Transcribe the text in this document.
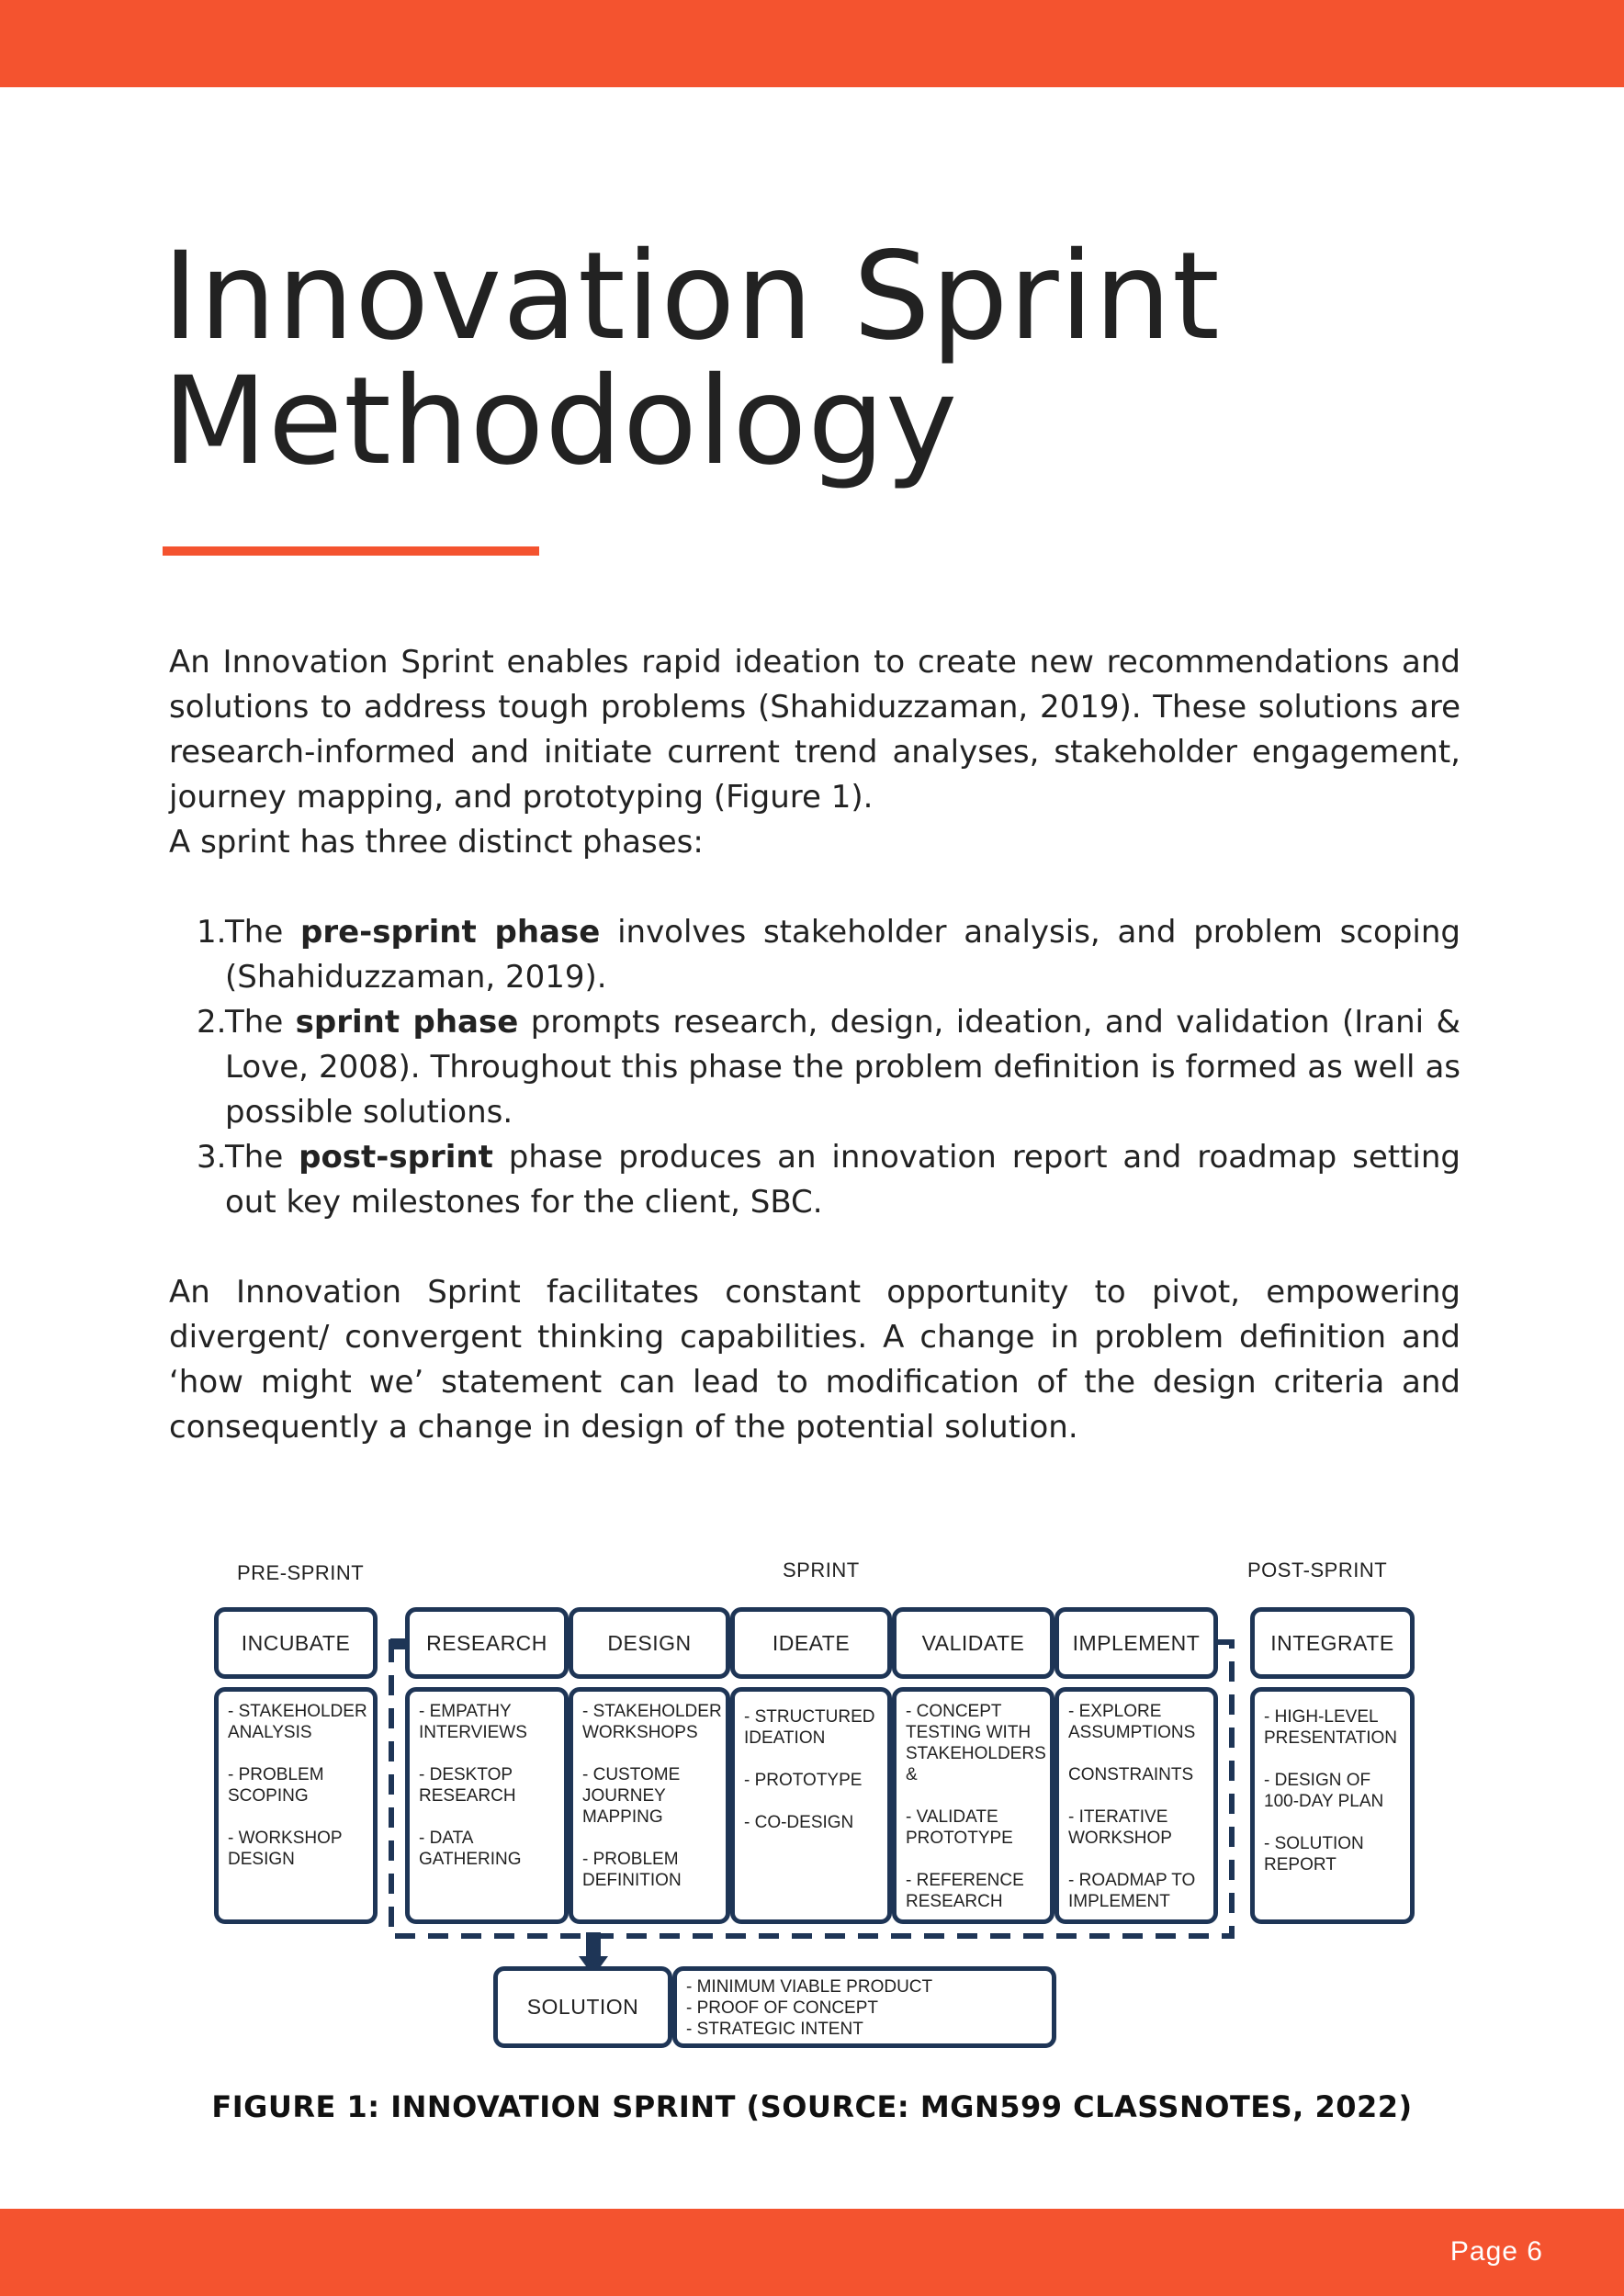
Innovation Sprint
Methodology

An Innovation Sprint enables rapid ideation to create new recommendations and solutions to address tough problems (Shahiduzzaman, 2019). These solutions are research-informed and initiate current trend analyses, stakeholder engagement, journey mapping, and prototyping (Figure 1).

A sprint has three distinct phases:

1.
The pre-sprint phase involves stakeholder analysis, and problem scoping (Shahiduzzaman, 2019).
2.
The sprint phase prompts research, design, ideation, and validation (Irani & Love, 2008). Throughout this phase the problem definition is formed as well as possible solutions.
3.
The post-sprint phase produces an innovation report and roadmap setting out key milestones for the client, SBC.

An Innovation Sprint facilitates constant opportunity to pivot, empowering divergent/ convergent thinking capabilities. A change in problem definition and ‘how might we’ statement can lead to modification of the design criteria and consequently a change in design of the potential solution.

PRE-SPRINT	SPRINT	POST-SPRINT
INCUBATE	RESEARCH	DESIGN	IDEATE	VALIDATE	IMPLEMENT	INTEGRATE
- STAKEHOLDER
ANALYSIS

- PROBLEM
SCOPING

- WORKSHOP
DESIGN
- EMPATHY
INTERVIEWS

- DESKTOP
RESEARCH

- DATA
GATHERING
- STAKEHOLDER
WORKSHOPS

- CUSTOME
JOURNEY
MAPPING

- PROBLEM
DEFINITION
- STRUCTURED
IDEATION

- PROTOTYPE

- CO-DESIGN
- CONCEPT
TESTING WITH
STAKEHOLDERS &

- VALIDATE
PROTOTYPE

- REFERENCE
RESEARCH
- EXPLORE
ASSUMPTIONS

CONSTRAINTS

- ITERATIVE
WORKSHOP

- ROADMAP TO
IMPLEMENT
- HIGH-LEVEL
PRESENTATION

- DESIGN OF
100-DAY PLAN

- SOLUTION
REPORT
SOLUTION
- MINIMUM VIABLE PRODUCT
- PROOF OF CONCEPT
- STRATEGIC INTENT
FIGURE 1: INNOVATION SPRINT (SOURCE: MGN599 CLASSNOTES, 2022)
Page 6
